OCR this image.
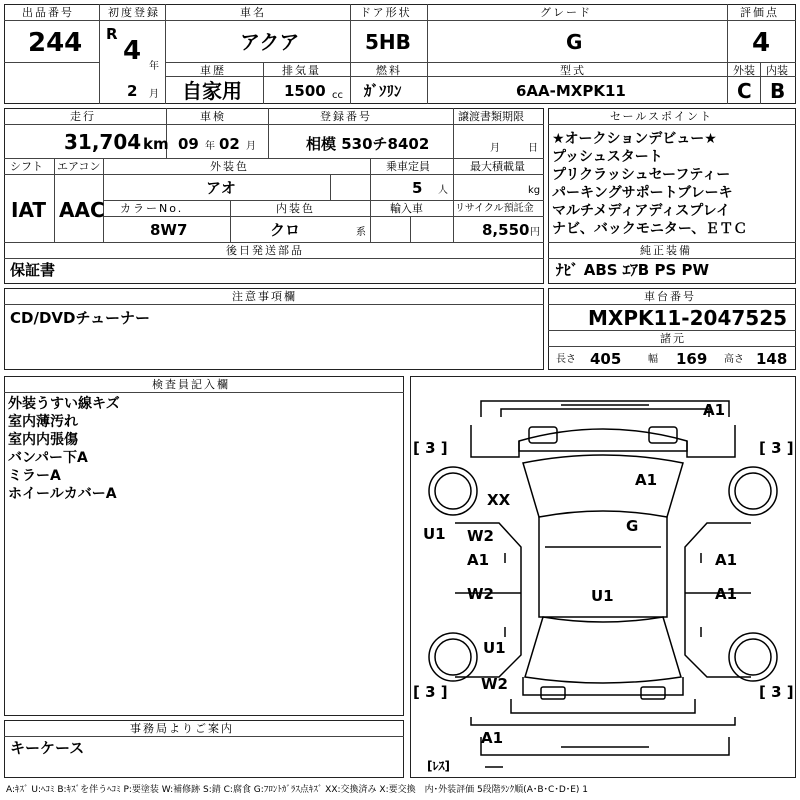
出品番号
244
初度登録
R
4
年
2 月
車名
アクア
ドア形状
5HB
グレード
G
評価点
4
車歴
自家用
排気量
1500 cc
燃料
ｶﾞｿﾘﾝ
型式
6AA-MXPK11
外装 内装
C B
走行
31,704 km
車検
09 年 02 月
登録番号
相模 530チ8402
譲渡書類期限
月	日
シフト エアコン
IAT AAC
外装色
アオ
乗車定員
5 人
最大積載量
kg
カラーNo.
8W7
内装色
クロ	系
輸入車	リサイクル預託金
8,550 円
後日発送部品
保証書
セールスポイント
★オークションデビュー★
プッシュスタート
プリクラッシュセーフティー
パーキングサポートブレーキ
マルチメディアディスプレイ
ナビ、バックモニター、ＥＴＣ
純正装備
ﾅﾋﾞ ABS ｴｱB PS PW
注意事項欄
CD/DVDチューナー
車台番号
MXPK11-2047525
諸元
長さ 405	幅 169 高さ 148
検査員記入欄
外装うすい線キズ
室内薄汚れ
室内内張傷
バンパー下A
ミラーA
ホイールカバーA
事務局よりご案内
キーケース
[ 3 ]	[ 3 ]
[ 3 ]	[ 3 ]
[ﾚｽ]
A1
A1
XX
G
U1 W2
A1	A1
W2	U1	A1
U1
W2
A1
A:ｷｽﾞ U:ﾍｺﾐ B:ｷｽﾞを伴うﾍｺﾐ P:要塗装 W:補修跡 S:錆 C:腐食 G:ﾌﾛﾝﾄｶﾞﾗｽ点ｷｽﾞ XX:交換済み X:要交換　内･外装評価 5段階ﾗﾝｸ順(A･B･C･D･E) 1
